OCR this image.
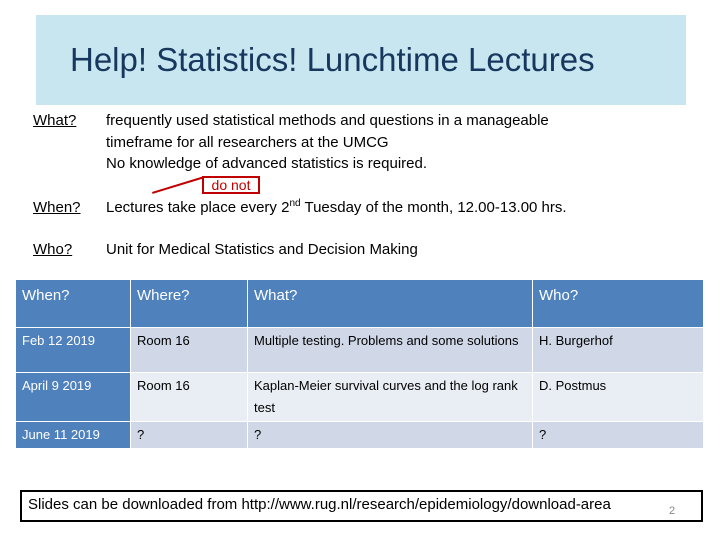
Help! Statistics! Lunchtime Lectures
What? frequently used statistical methods and questions in a manageable
timeframe for all researchers at the UMCG
No knowledge of advanced statistics is required.
do not
When? Lectures take place every 2nd Tuesday of the month, 12.00-13.00 hrs.
Who? Unit for Medical Statistics and Decision Making
When?	Where?	What?	Who?
Feb 12 2019	Room 16	Multiple testing. Problems and some solutions	H. Burgerhof
April 9 2019	Room 16	Kaplan-Meier survival curves and the log rank test	D. Postmus
June 11 2019	?	?	?
Slides can be downloaded from http://www.rug.nl/research/epidemiology/download-area	2
